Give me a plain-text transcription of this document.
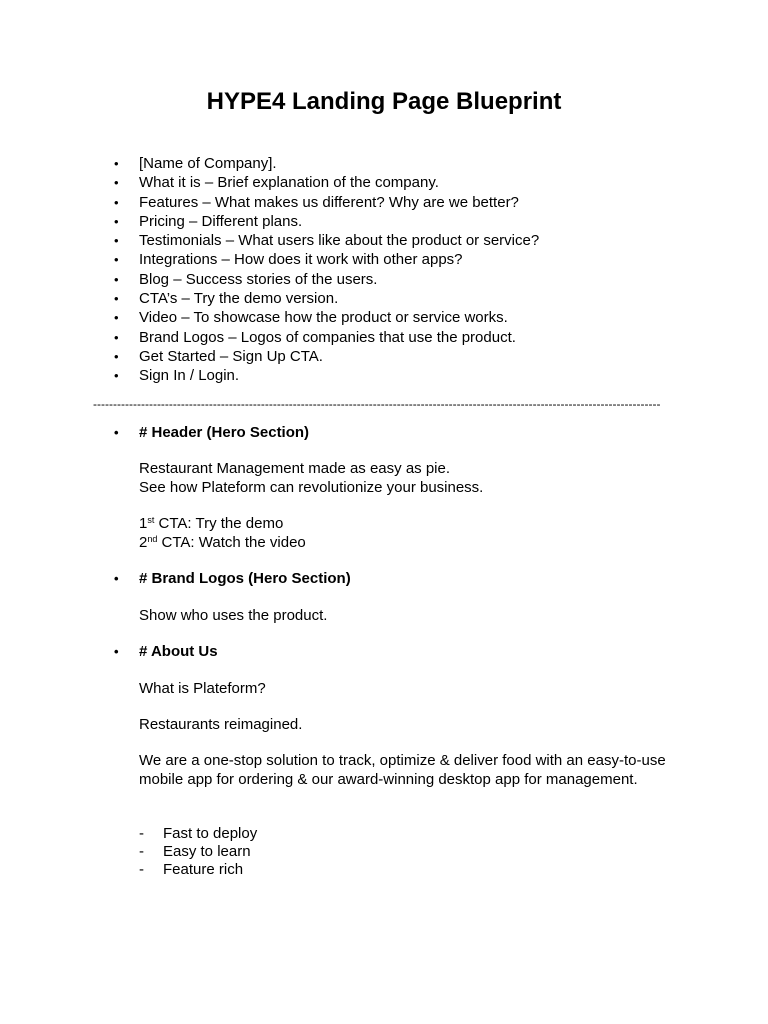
HYPE4 Landing Page Blueprint
• [Name of Company].
• What it is – Brief explanation of the company.
• Features – What makes us different? Why are we better?
• Pricing – Different plans.
• Testimonials – What users like about the product or service?
• Integrations – How does it work with other apps?
• Blog – Success stories of the users.
• CTA’s – Try the demo version.
• Video – To showcase how the product or service works.
• Brand Logos – Logos of companies that use the product.
• Get Started – Sign Up CTA.
• Sign In / Login.
----------------------------------------------------------------------------------------------------------------------------------------------
• # Header (Hero Section)
Restaurant Management made as easy as pie.
See how Plateform can revolutionize your business.
1st CTA: Try the demo
2nd CTA: Watch the video
• # Brand Logos (Hero Section)
Show who uses the product.
• # About Us
What is Plateform?
Restaurants reimagined.
We are a one-stop solution to track, optimize & deliver food with an easy-to-use mobile app for ordering & our award-winning desktop app for management.
- Fast to deploy
- Easy to learn
- Feature rich
